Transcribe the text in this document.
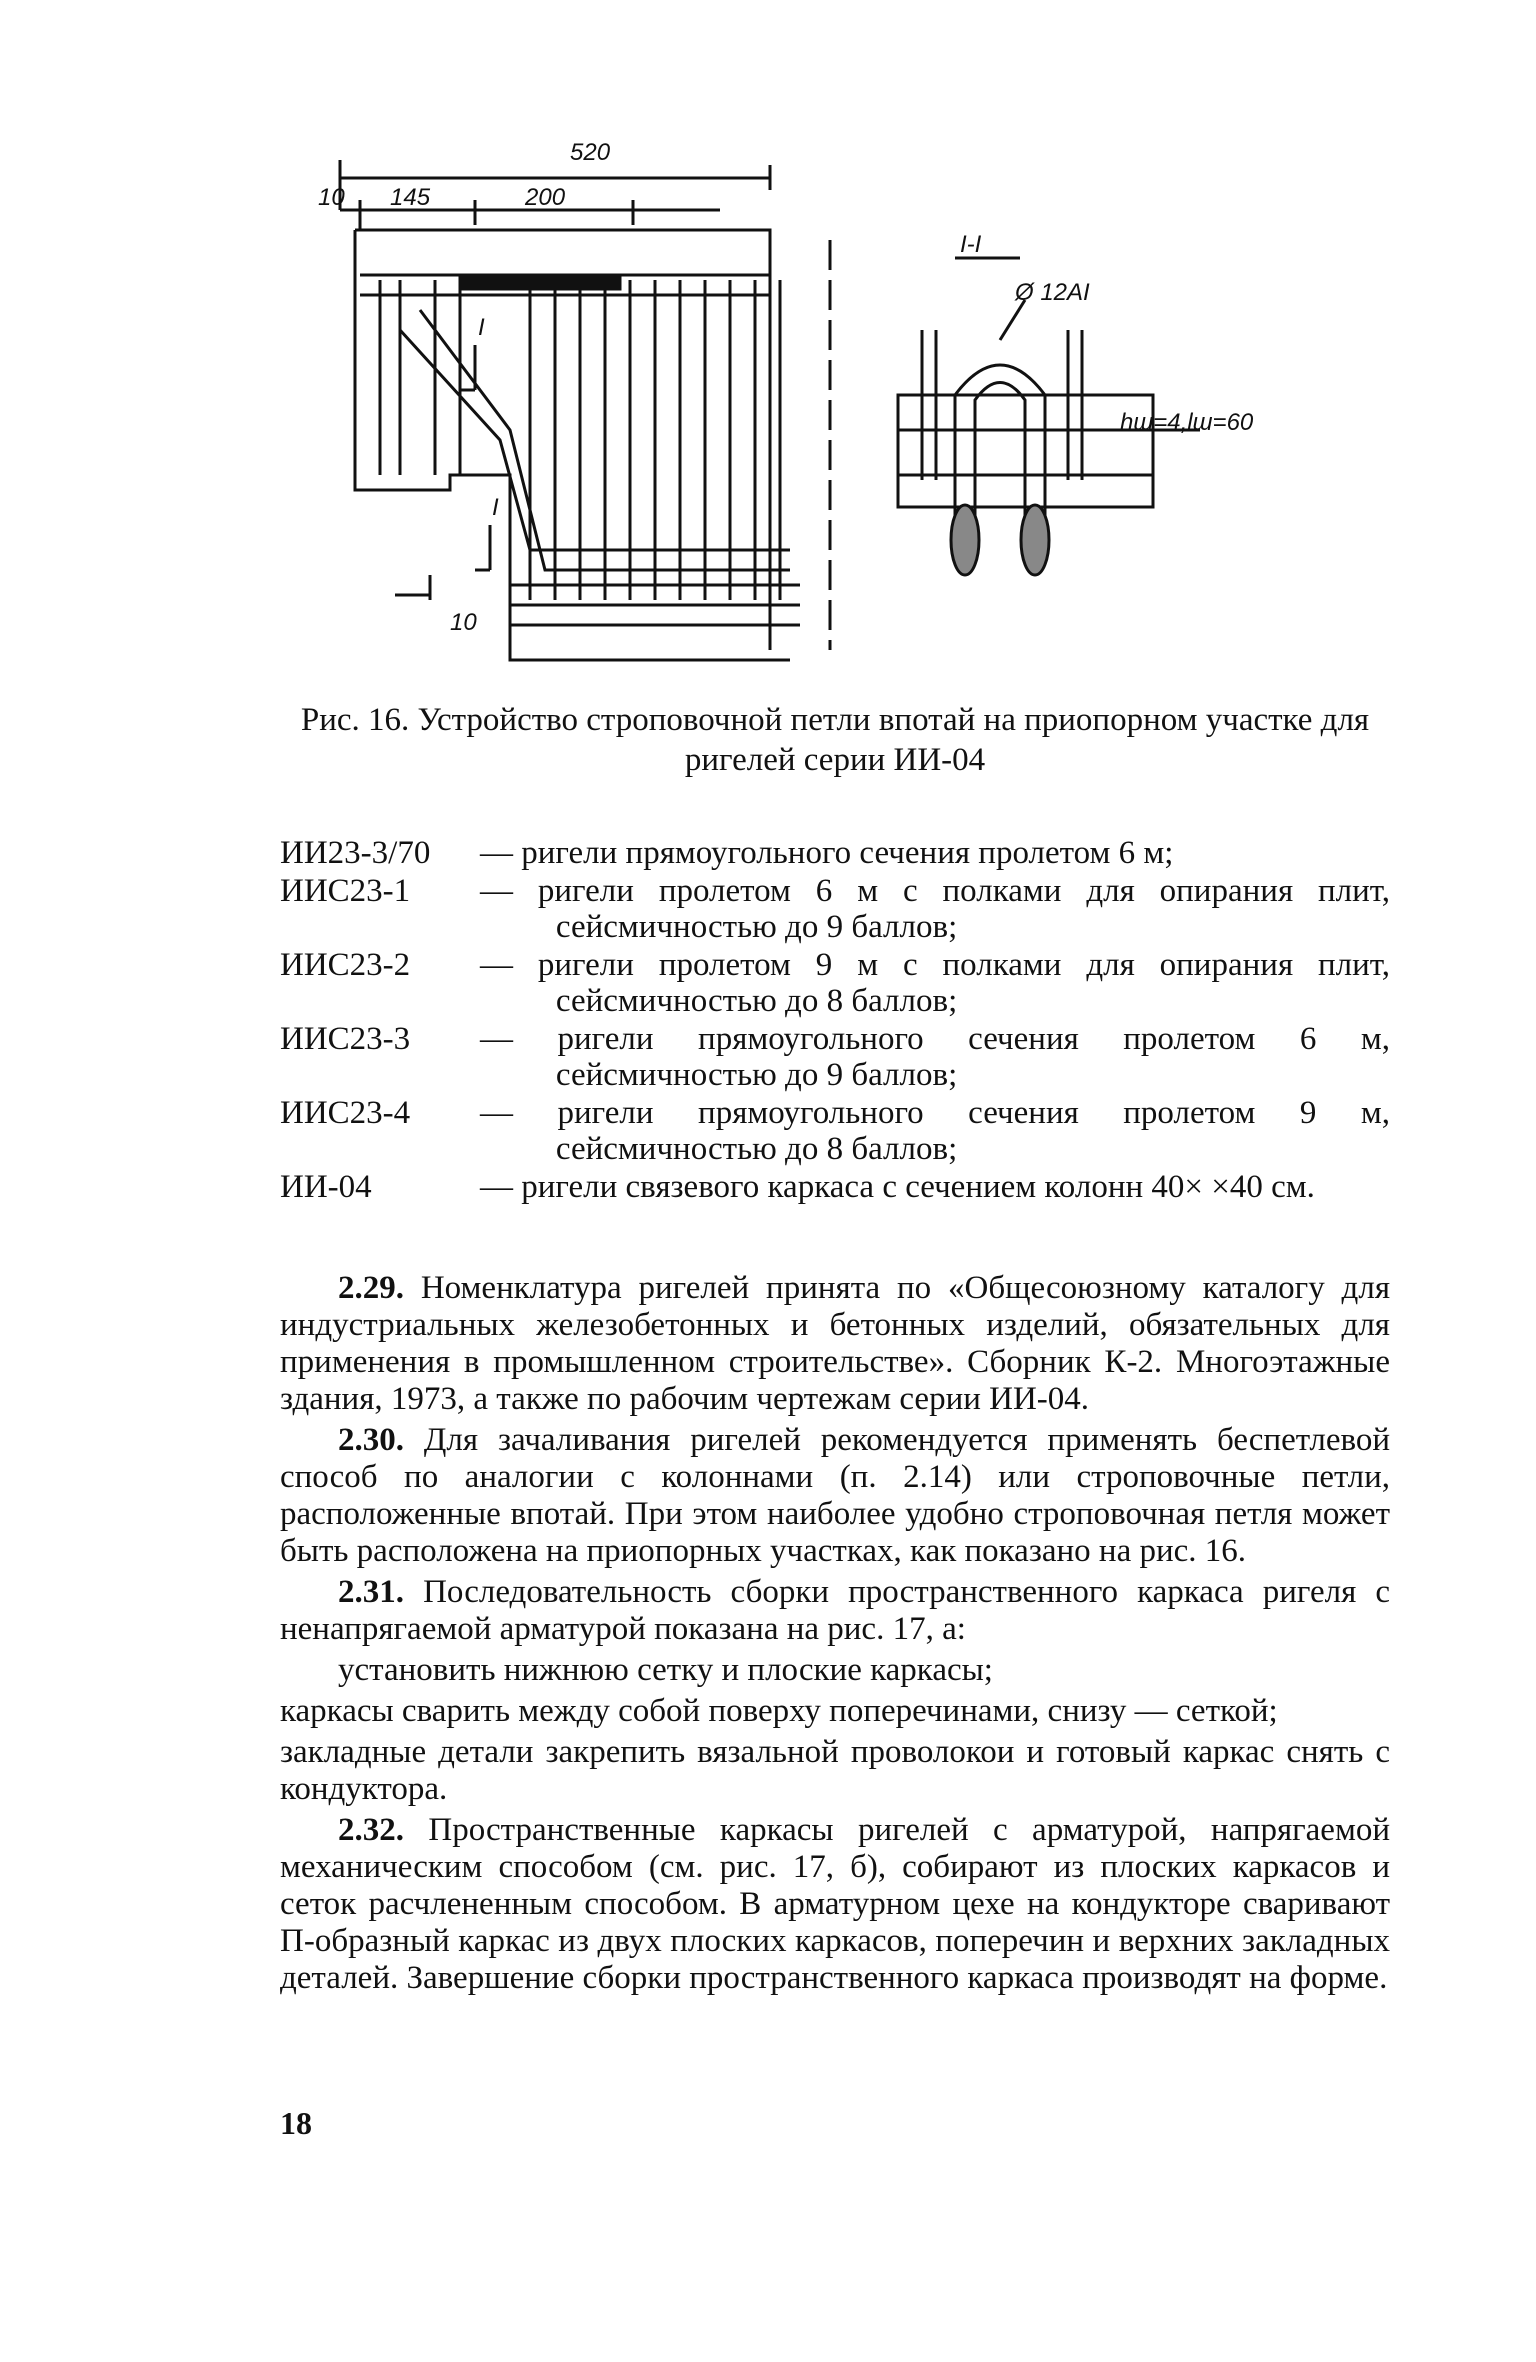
520
10 145	200
10
I
I
I-I
Ø 12AI
hш=4,lш=60
Рис. 16. Устройство строповочной петли впотай на приопорном участке для ригелей серии ИИ-04
ИИ23-3/70	— ригели прямоугольного сечения пролетом 6 м;
ИИС23-1	— ригели пролетом 6 м с полками для опирания плит, сейсмичностью до 9 баллов;
ИИС23-2	— ригели пролетом 9 м с полками для опирания плит, сейсмичностью до 8 баллов;
ИИС23-3	— ригели прямоугольного сечения пролетом 6 м, сейсмичностью до 9 баллов;
ИИС23-4	— ригели прямоугольного сечения пролетом 9 м, сейсмичностью до 8 баллов;
ИИ-04	— ригели связевого каркаса с сечением колонн 40× ×40 см.

2.29. Номенклатура ригелей принята по «Общесоюзному каталогу для индустриальных железобетонных и бетонных изделий, обязательных для применения в промышленном строительстве». Сборник К-2. Многоэтажные здания, 1973, а также по рабочим чертежам серии ИИ-04.

2.30. Для зачаливания ригелей рекомендуется применять беспетлевой способ по аналогии с колоннами (п. 2.14) или строповочные петли, расположенные впотай. При этом наиболее удобно строповочная петля может быть расположена на приопорных участках, как показано на рис. 16.

2.31. Последовательность сборки пространственного каркаса ригеля с ненапрягаемой арматурой показана на рис. 17, а:

установить нижнюю сетку и плоские каркасы;

каркасы сварить между собой поверху поперечинами, снизу — сеткой;

закладные детали закрепить вязальной проволокои и готовый каркас снять с кондуктора.

2.32. Пространственные каркасы ригелей с арматурой, напрягаемой механическим способом (см. рис. 17, б), собирают из плоских каркасов и сеток расчлененным способом. В арматурном цехе на кондукторе сваривают П-образный каркас из двух плоских каркасов, поперечин и верхних закладных деталей. Завершение сборки пространственного каркаса производят на форме.

18
